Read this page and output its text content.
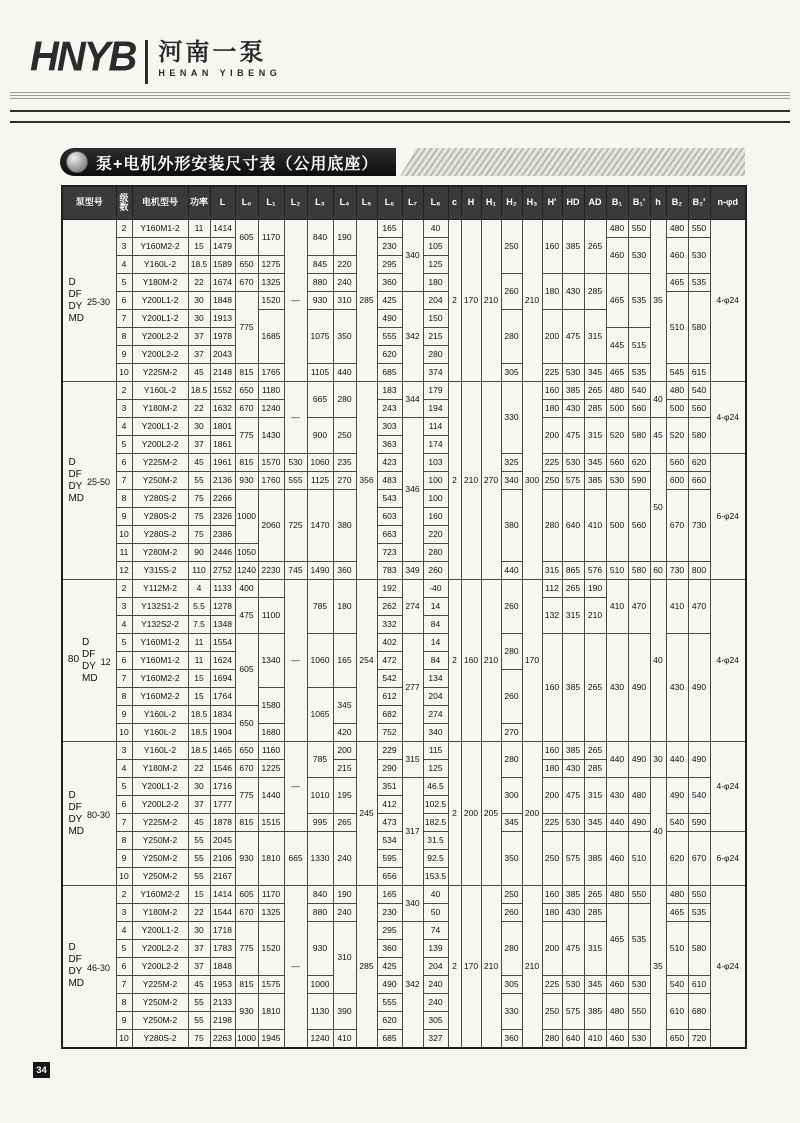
HNYB 河南一泵
HENAN YIBENG
泵+电机外形安装尺寸表（公用底座）
泵型号	级数	电机型号	功率	L	L₀	L₁	L₂	L₃	L₄	L₅	L₆	L₇	L₈	c	H	H₁	H₂	H₃	H'	HD	AD	B₁	B₁'	h	B₂	B₂'	n-φd

D
DF
DY
MD
25-30	2	Y160M1-2	11	1414	605	1170	—	840	190	285	165	340	40	2	170	210	250	210	160	385	265	480	550	35	480	550	4-φ24
	3	Y160M2-2	15	1479							230		105									460	530		460	530	
	4	Y160L-2	18.5	1589	650	1275		845	220		295		125														
	5	Y180M-2	22	1674	670	1325		880	240		360		180				260		180	430	285	465	535		465	535	
	6	Y200L1-2	30	1848	775	1520		930	310		425	342	204												510	580	
	7	Y200L1-2	30	1913		1685		1075	350		490		150				280		200	475	315						
	8	Y200L2-2	37	1978							555		215									445	515				
	9	Y200L2-2	37	2043							620		280														
	10	Y225M-2	45	2148	815	1765		1105	440		685		374				305		225	530	345	465	535		545	615	

D
DF
DY
MD
25-50	2	Y160L-2	18.5	1552	650	1180	—	665	280	356	183	344	179	2	210	270	330	300	160	385	265	480	540	40	480	540	4-φ24
	3	Y180M-2	22	1632	670	1240					243		194						180	430	285	500	560		500	560	
	4	Y200L1-2	30	1801	775	1430		900	250		303	346	114						200	475	315	520	580	45	520	580	
	5	Y200L2-2	37	1861							363		174														
	6	Y225M-2	45	1961	815	1570	530	1060	235		423		103				325		225	530	345	560	620	50	560	620	6-φ24
	7	Y250M-2	55	2136	930	1760	555	1125	270		483		100				340		250	575	385	530	590		600	660	
	8	Y280S-2	75	2266	1000	2060	725	1470	380		543		100				380		280	640	410	500	560		670	730	
	9	Y280S-2	75	2326							603		160														
	10	Y280S-2	75	2386							663		220														
	11	Y280M-2	90	2446	1050						723		280														
	12	Y315S-2	110	2752	1240	2230	745	1490	360		783	349	260				440		315	865	576	510	580	60	730	800	

80
D
DF
DY
MD
12
	2	Y112M-2	4	1133	400		—	785	180	254	192	274	-40	2	160	210	260	170	112	265	190	410	470	40	410	470	4-φ24
	3	Y132S1-2	5.5	1278	475	1100					262		14						132	315	210						
	4	Y132S2-2	7.5	1348							332		84														
	5	Y160M1-2	11	1554	605	1340		1060	165		402	277	14				280		160	385	265	430	490		430	490	
	6	Y160M1-2	11	1624							472		84														
	7	Y160M2-2	15	1694							542		134				260										
	8	Y160M2-2	15	1764		1580		1065	345		612		204														
	9	Y160L-2	18.5	1834	650						682		274														
	10	Y160L-2	18.5	1904		1680			420		752		340				270										

D
DF
DY
MD
80-30	3	Y160L-2	18.5	1465	650	1160	—	785	200	245	229	315	115	2	200	205	280	200	160	385	265	440	490	30	440	490	4-φ24
	4	Y180M-2	22	1546	670	1225			215		290		125						180	430	285						
	5	Y200L1-2	30	1716	775	1440		1010	195		351	317	46.5				300		200	475	315	430	480	40	490	540	
	6	Y200L2-2	37	1777							412		102.5														
	7	Y225M-2	45	1878	815	1515		995	265		473		182.5				345		225	530	345	440	490		540	590	
	8	Y250M-2	55	2045	930	1810	665	1330	240		534		31.5				350		250	575	385	460	510		620	670	6-φ24
	9	Y250M-2	55	2106							595		92.5														
	10	Y250M-2	55	2167							656		153.5														

D
DF
DY
MD
46-30	2	Y160M2-2	15	1414	605	1170	—	840	190	285	165	340	40	2	170	210	250	210	160	385	265	480	550	35	480	550	4-φ24
	3	Y180M-2	22	1544	670	1325		880	240		230		50				260		180	430	285	465	535		465	535	
	4	Y200L1-2	30	1718	775	1520		930	310		295	342	74				280		200	475	315				510	580	
	5	Y200L2-2	37	1783							360		139														
	6	Y200L2-2	37	1848							425		204														
	7	Y225M-2	45	1953	815	1575		1000			490		240				305		225	530	345	460	530		540	610	
	8	Y250M-2	55	2133	930	1810		1130	390		555		240				330		250	575	385	480	550		610	680	
	9	Y250M-2	55	2198							620		305														
	10	Y280S-2	75	2263	1000	1945		1240	410		685		327				360		280	640	410	460	530		650	720	
34
